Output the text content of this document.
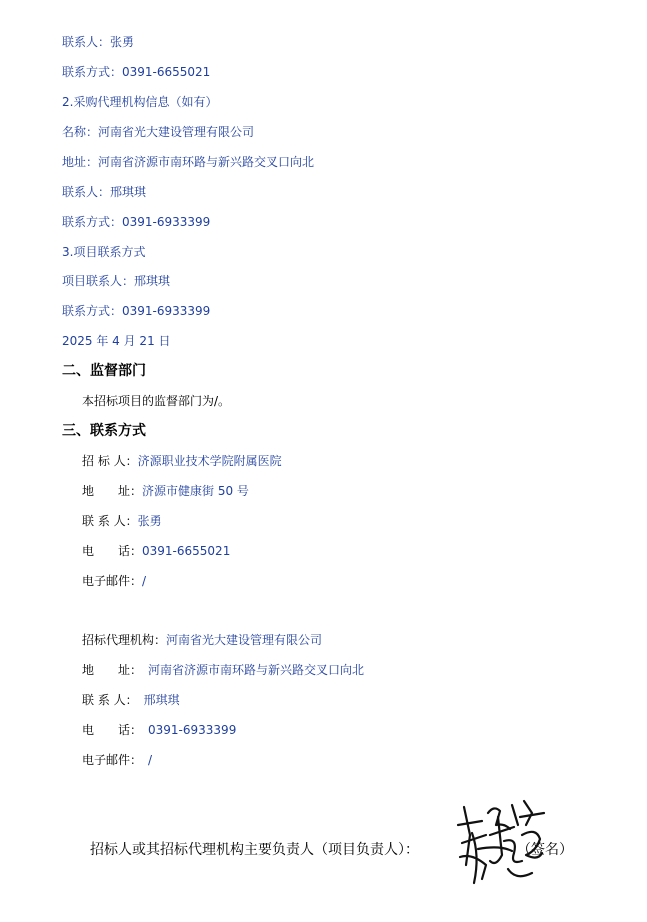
联系人：张勇
联系方式：0391-6655021
2.采购代理机构信息（如有）
名称：河南省光大建设管理有限公司
地址：河南省济源市南环路与新兴路交叉口向北
联系人：邢琪琪
联系方式：0391-6933399
3.项目联系方式
项目联系人：邢琪琪
联系方式：0391-6933399
2025 年 4 月 21 日
二、监督部门
本招标项目的监督部门为/。
三、联系方式
招 标 人：济源职业技术学院附属医院
地　　址：济源市健康街 50 号
联 系 人：张勇
电　　话：0391-6655021
电子邮件：/
招标代理机构：河南省光大建设管理有限公司
地　　址： 河南省济源市南环路与新兴路交叉口向北
联 系 人： 邢琪琪
电　　话： 0391-6933399
电子邮件： /
招标人或其招标代理机构主要负责人（项目负责人）：	（签名）
